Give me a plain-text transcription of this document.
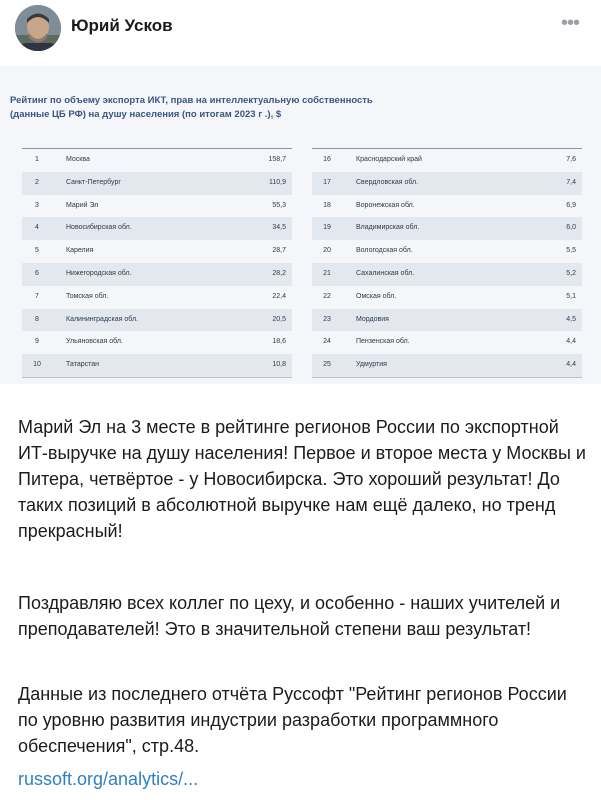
Юрий Усков	•••
Рейтинг по объему экспорта ИКТ, прав на интеллектуальную собственность
(данные ЦБ РФ) на душу населения (по итогам 2023 г .), $
1	Москва	158,7
2	Санкт-Петербург	110,9
3	Марий Эл	55,3
4	Новосибирская обл.	34,5
5	Карелия	28,7
6	Нижегородская обл.	28,2
7	Томская обл.	22,4
8	Калининградская обл.	20,5
9	Ульяновская обл.	18,6
10	Татарстан	10,8
16	Краснодарский край	7,6
17	Свердловская обл.	7,4
18	Воронежская обл.	6,9
19	Владимирская обл.	6,0
20	Вологодская обл.	5,5
21	Сахалинская обл.	5,2
22	Омская обл.	5,1
23	Мордовия	4,5
24	Пензенская обл.	4,4
25	Удмуртия	4,4

Марий Эл на 3 месте в рейтинге регионов России по экспортной ИТ-выручке на душу населения! Первое и второе места у Москвы и Питера, четвёртое - у Новосибирска. Это хороший результат! До таких позиций в абсолютной выручке нам ещё далеко, но тренд прекрасный!

Поздравляю всех коллег по цеху, и особенно - наших учителей и преподавателей! Это в значительной степени ваш результат!

Данные из последнего отчёта Руссофт "Рейтинг регионов России по уровню развития индустрии разработки программного обеспечения", стр.48.

russoft.org/analytics/...
